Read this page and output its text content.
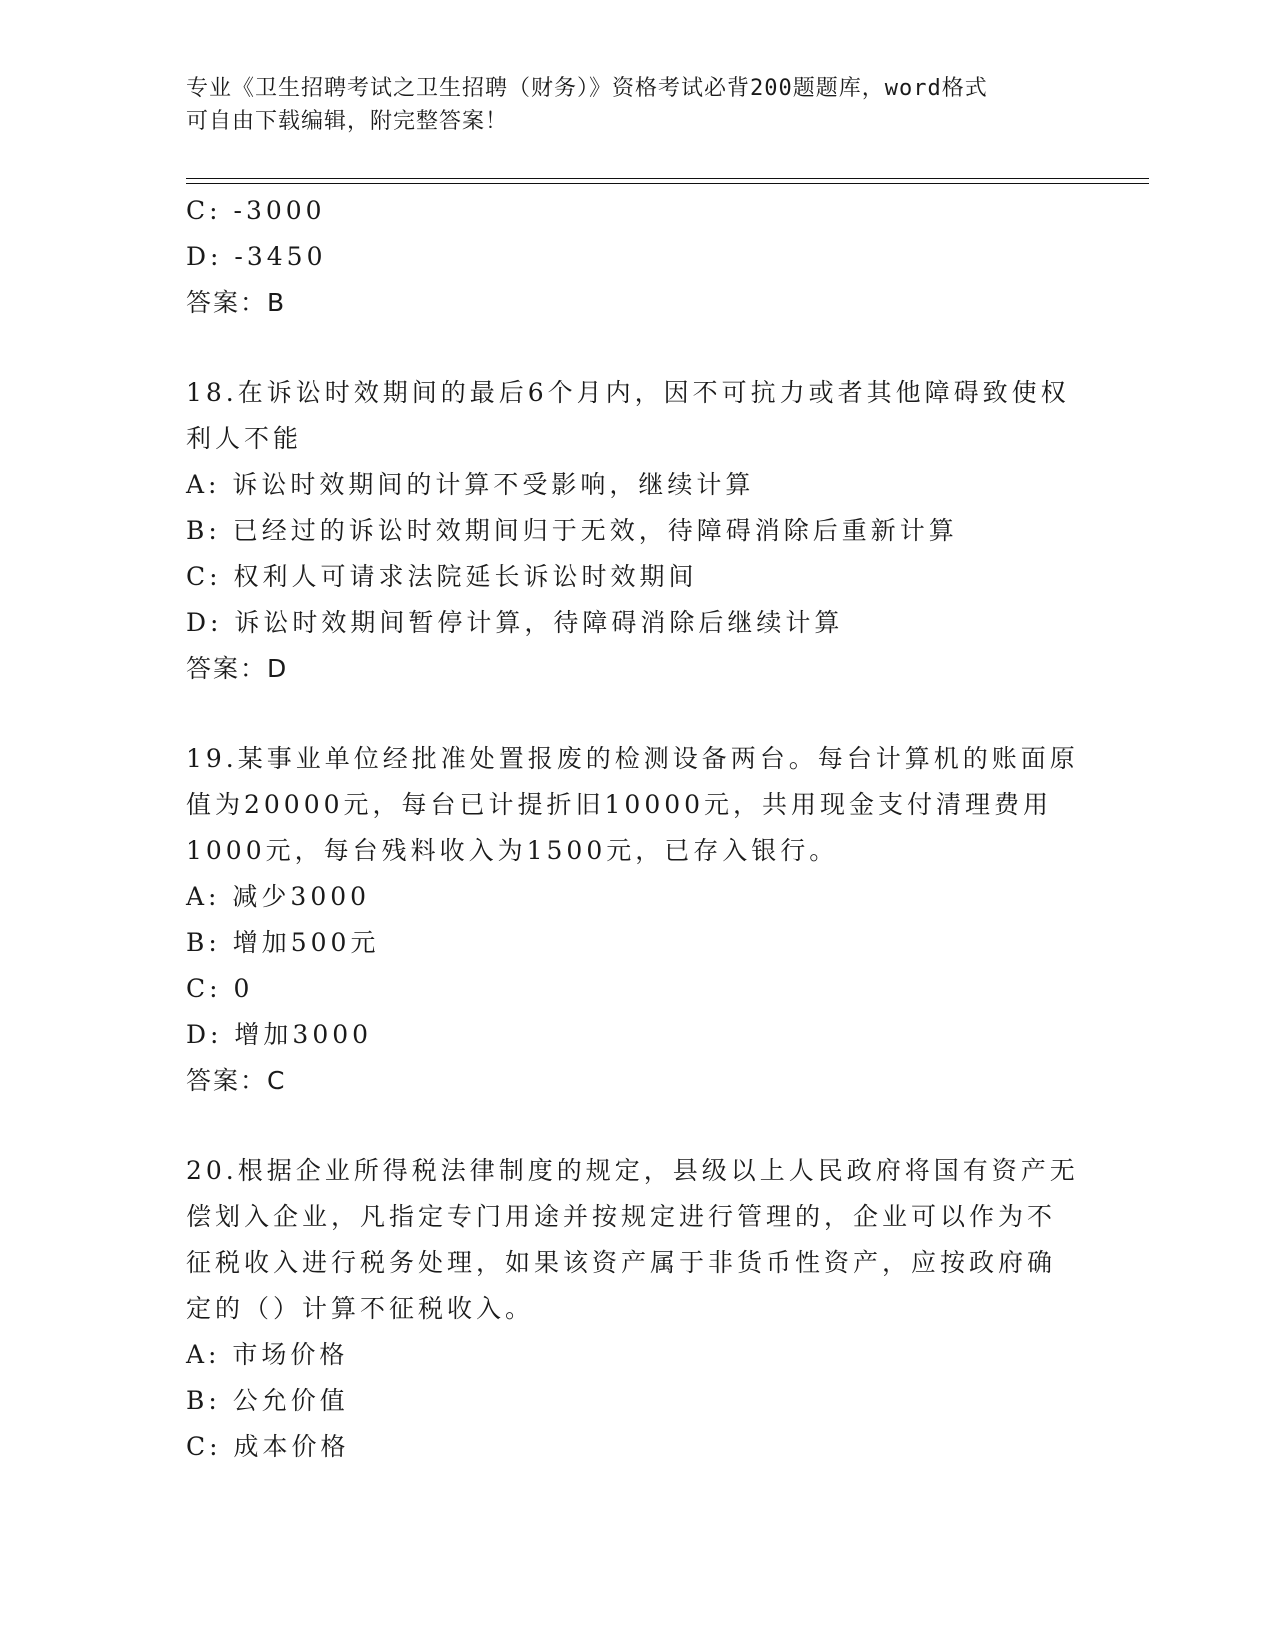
专业《卫生招聘考试之卫生招聘（财务）》资格考试必背200题题库，word格式
可自由下载编辑，附完整答案！
C: -3000
D: -3450
答案：B
18.在诉讼时效期间的最后6个月内，因不可抗力或者其他障碍致使权
利人不能
A: 诉讼时效期间的计算不受影响，继续计算
B: 已经过的诉讼时效期间归于无效，待障碍消除后重新计算
C: 权利人可请求法院延长诉讼时效期间
D: 诉讼时效期间暂停计算，待障碍消除后继续计算
答案：D
19.某事业单位经批准处置报废的检测设备两台。每台计算机的账面原
值为20000元，每台已计提折旧10000元，共用现金支付清理费用
1000元，每台残料收入为1500元，已存入银行。
A: 减少3000
B: 增加500元
C: 0
D: 增加3000
答案：C
20.根据企业所得税法律制度的规定，县级以上人民政府将国有资产无
偿划入企业，凡指定专门用途并按规定进行管理的，企业可以作为不
征税收入进行税务处理，如果该资产属于非货币性资产，应按政府确
定的（）计算不征税收入。
A: 市场价格
B: 公允价值
C: 成本价格
